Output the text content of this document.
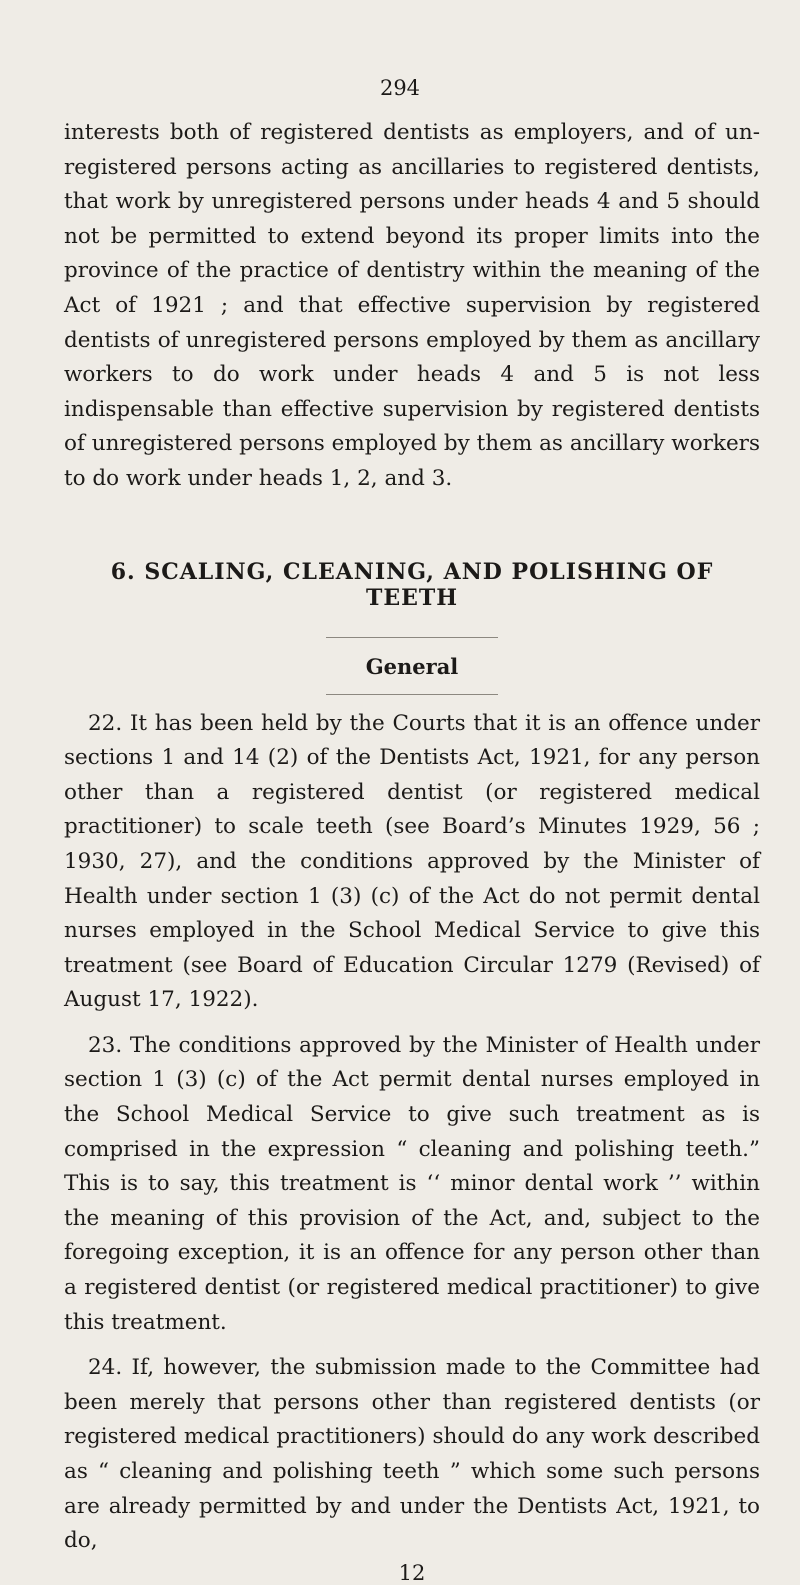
294

interests both of registered dentists as employers, and of un-registered persons acting as ancillaries to registered dentists, that work by unregistered persons under heads 4 and 5 should not be permitted to extend beyond its proper limits into the province of the practice of dentistry within the meaning of the Act of 1921 ; and that effective supervision by registered dentists of unregistered persons employed by them as ancillary workers to do work under heads 4 and 5 is not less indispensable than effective supervision by registered dentists of unregistered persons employed by them as ancillary workers to do work under heads 1, 2, and 3.

6. SCALING, CLEANING, AND POLISHING OF TEETH
General

22. It has been held by the Courts that it is an offence under sections 1 and 14 (2) of the Dentists Act, 1921, for any person other than a registered dentist (or registered medical practitioner) to scale teeth (see Board’s Minutes 1929, 56 ; 1930, 27), and the conditions approved by the Minister of Health under section 1 (3) (c) of the Act do not permit dental nurses employed in the School Medical Service to give this treatment (see Board of Education Circular 1279 (Revised) of August 17, 1922).

23. The conditions approved by the Minister of Health under section 1 (3) (c) of the Act permit dental nurses employed in the School Medical Service to give such treatment as is comprised in the expression “ cleaning and polishing teeth.” This is to say, this treatment is ‘‘ minor dental work ’’ within the meaning of this provision of the Act, and, subject to the foregoing exception, it is an offence for any person other than a registered dentist (or registered medical practitioner) to give this treatment.

24. If, however, the submission made to the Committee had been merely that persons other than registered dentists (or registered medical practitioners) should do any work described as “ cleaning and polishing teeth ” which some such persons are already permitted by and under the Dentists Act, 1921, to do,

12
